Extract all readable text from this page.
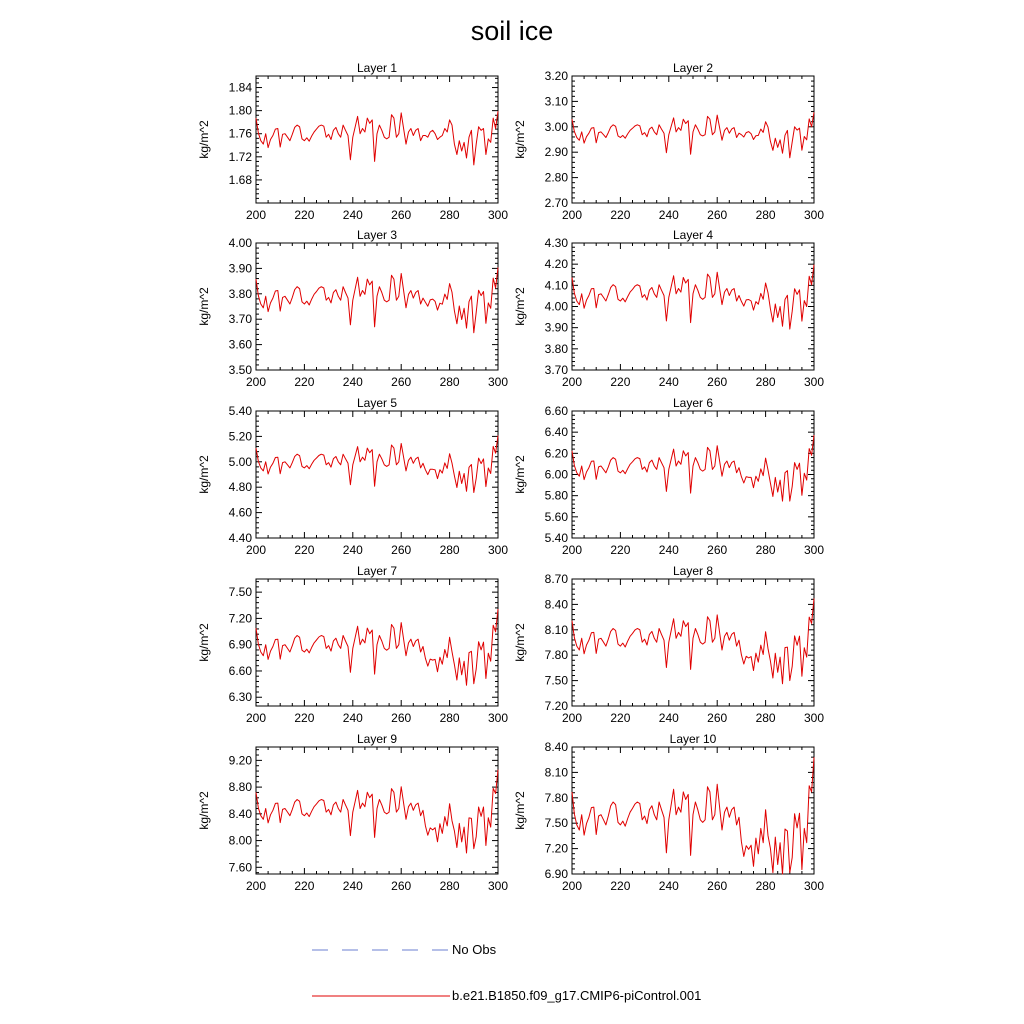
soil ice
Layer 1
200 220 240 260 280 300
1.68
1.72
1.76
1.80
1.84
kg/m^2
Layer 2
200 220 240 260 280 300
2.70
2.80
2.90
3.00
3.10
3.20
kg/m^2
Layer 3
200 220 240 260 280 300
3.50
3.60
3.70
3.80
3.90
4.00
kg/m^2
Layer 4
200 220 240 260 280 300
3.70
3.80
3.90
4.00
4.10
4.20
4.30
kg/m^2
Layer 5
200 220 240 260 280 300
4.40
4.60
4.80
5.00
5.20
5.40
kg/m^2
Layer 6
200 220 240 260 280 300
5.40
5.60
5.80
6.00
6.20
6.40
6.60
kg/m^2
Layer 7
200 220 240 260 280 300
6.30
6.60
6.90
7.20
7.50
kg/m^2
Layer 8
200 220 240 260 280 300
7.20
7.50
7.80
8.10
8.40
8.70
kg/m^2
Layer 9
200 220 240 260 280 300
7.60
8.00
8.40
8.80
9.20
kg/m^2
Layer 10
200 220 240 260 280 300
6.90
7.20
7.50
7.80
8.10
8.40
kg/m^2
No Obs
b.e21.B1850.f09_g17.CMIP6-piControl.001
